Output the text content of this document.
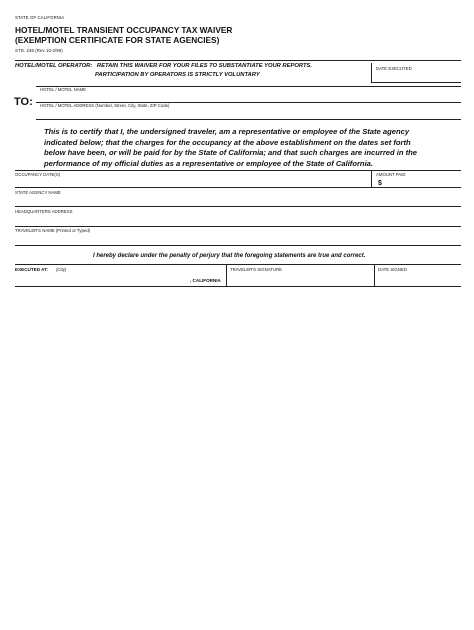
STATE OF CALIFORNIA
HOTEL/MOTEL TRANSIENT OCCUPANCY TAX WAIVER
(EXEMPTION CERTIFICATE FOR STATE AGENCIES)
STD. 236 (Rev 10-2/99)
HOTEL/MOTEL OPERATOR: RETAIN THIS WAIVER FOR YOUR FILES TO SUBSTANTIATE YOUR REPORTS.
PARTICIPATION BY OPERATORS IS STRICTLY VOLUNTARY
DATE EXECUTED
TO:
HOTEL / MOTEL NAME
HOTEL / MOTEL ADDRESS (Number, Street, City, State, ZIP Code)
This is to certify that I, the undersigned traveler, am a representative or employee of the State agency
indicated below; that the charges for the occupancy at the above establishment on the dates set forth
below have been, or will be paid for by the State of California; and that such charges are incurred in the
performance of my official duties as a representative or employee of the State of California.
OCCUPANCY DATE(S)	AMOUNT PAID
$
STATE AGENCY NAME
HEADQUARTERS ADDRESS
TRAVELER'S NAME (Printed or Typed)
I hereby declare under the penalty of perjury that the foregoing statements are true and correct.
EXECUTED AT: (City)
, CALIFORNIA
TRAVELER'S SIGNATURE	DATE SIGNED
